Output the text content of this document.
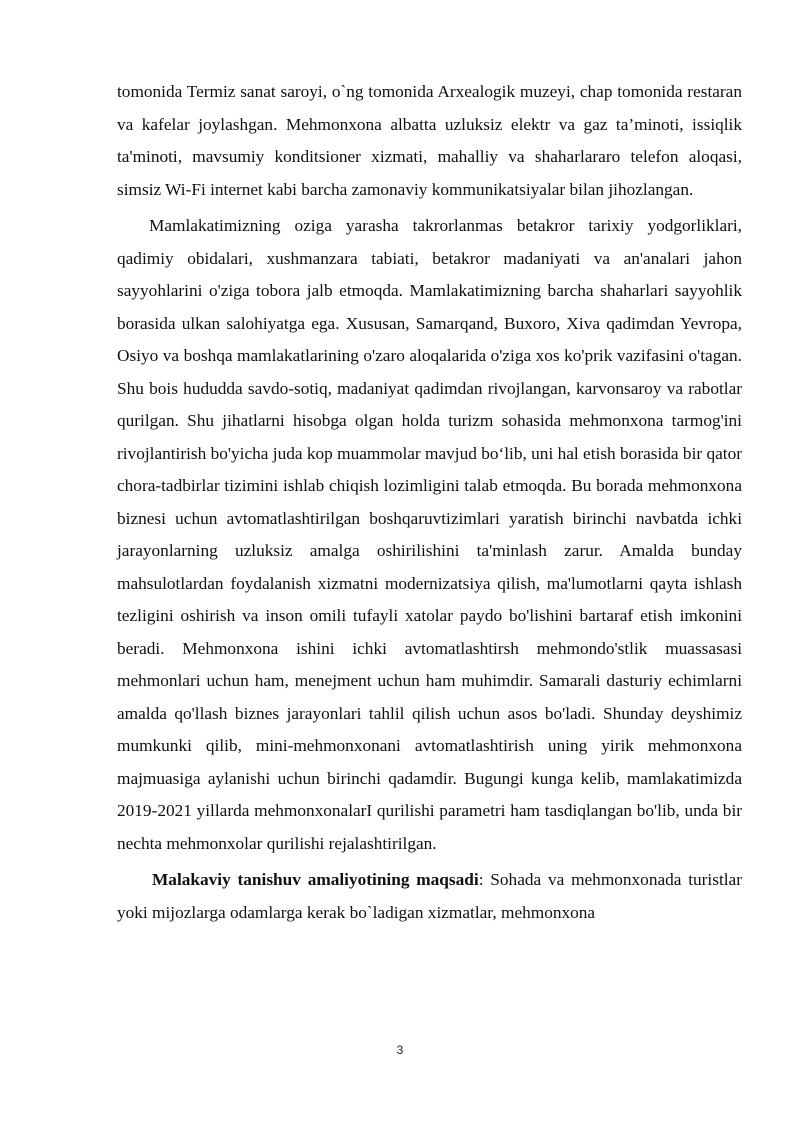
tomonida Termiz sanat saroyi, o`ng tomonida Arxealogik muzeyi, chap tomonida restaran va kafelar joylashgan. Mehmonxona albatta uzluksiz elektr va gaz ta’minoti, issiqlik ta'minoti, mavsumiy konditsioner xizmati, mahalliy va shaharlararo telefon aloqasi, simsiz Wi-Fi internet kabi barcha zamonaviy kommunikatsiyalar bilan jihozlangan.

Mamlakatimizning oziga yarasha takrorlanmas betakror tarixiy yodgorliklari, qadimiy obidalari, xushmanzara tabiati, betakror madaniyati va an'analari jahon sayyohlarini o'ziga tobora jalb etmoqda. Mamlakatimizning barcha shaharlari sayyohlik borasida ulkan salohiyatga ega. Xususan, Samarqand, Buxoro, Xiva qadimdan Yevropa, Osiyo va boshqa mamlakatlarining o'zaro aloqalarida o'ziga xos ko'prik vazifasini o'tagan. Shu bois hududda savdo-sotiq, madaniyat qadimdan rivojlangan, karvonsaroy va rabotlar qurilgan. Shu jihatlarni hisobga olgan holda turizm sohasida mehmonxona tarmog'ini rivojlantirish bo'yicha juda kop muammolar mavjud bo‘lib, uni hal etish borasida bir qator chora-tadbirlar tizimini ishlab chiqish lozimligini talab etmoqda. Bu borada mehmonxona biznesi uchun avtomatlashtirilgan boshqaruvtizimlari yaratish birinchi navbatda ichki jarayonlarning uzluksiz amalga oshirilishini ta'minlash zarur. Amalda bunday mahsulotlardan foydalanish xizmatni modernizatsiya qilish, ma'lumotlarni qayta ishlash tezligini oshirish va inson omili tufayli xatolar paydo bo'lishini bartaraf etish imkonini beradi. Mehmonxona ishini ichki avtomatlashtirsh mehmondo'stlik muassasasi mehmonlari uchun ham, menejment uchun ham muhimdir. Samarali dasturiy echimlarni amalda qo'llash biznes jarayonlari tahlil qilish uchun asos bo'ladi. Shunday deyshimiz mumkunki qilib, mini-mehmonxonani avtomatlashtirish uning yirik mehmonxona majmuasiga aylanishi uchun birinchi qadamdir. Bugungi kunga kelib, mamlakatimizda 2019-2021 yillarda mehmonxonalarI qurilishi parametri ham tasdiqlangan bo'lib, unda bir nechta mehmonxolar qurilishi rejalashtirilgan.

Malakaviy tanishuv amaliyotining maqsadi: Sohada va mehmonxonada turistlar yoki mijozlarga odamlarga kerak bo`ladigan xizmatlar, mehmonxona

3
